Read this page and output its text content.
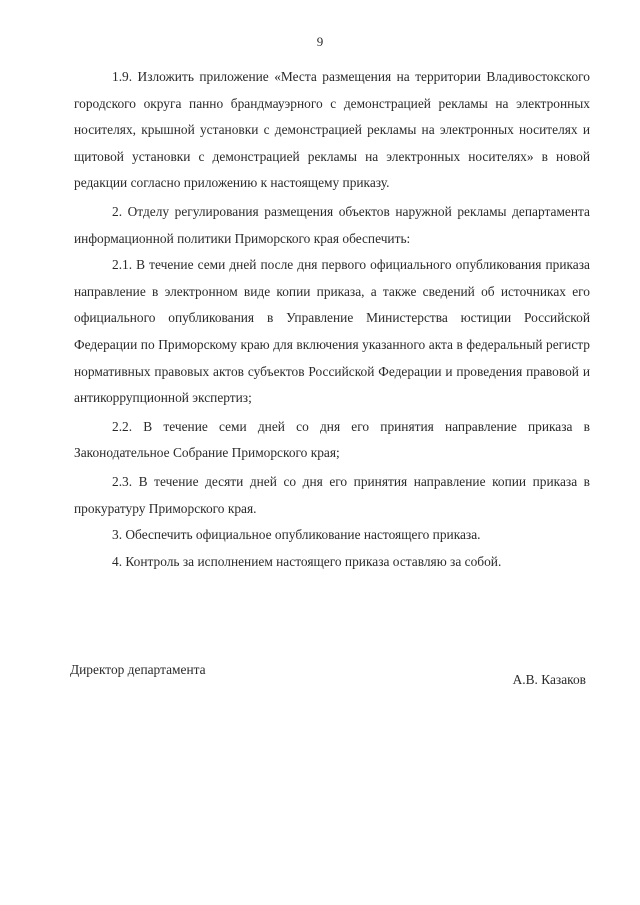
9

1.9. Изложить приложение «Места размещения на территории Владивостокского городского округа панно брандмауэрного с демонстрацией рекламы на электронных носителях, крышной установки с демонстрацией рекламы на электронных носителях и щитовой установки с демонстрацией рекламы на электронных носителях» в новой редакции согласно приложению к настоящему приказу.

2. Отделу регулирования размещения объектов наружной рекламы департамента информационной политики Приморского края обеспечить:

2.1. В течение семи дней после дня первого официального опубликования приказа направление в электронном виде копии приказа, а также сведений об источниках его официального опубликования в Управление Министерства юстиции Российской Федерации по Приморскому краю для включения указанного акта в федеральный регистр нормативных правовых актов субъектов Российской Федерации и проведения правовой и антикоррупционной экспертиз;

2.2. В течение семи дней со дня его принятия направление приказа в Законодательное Собрание Приморского края;

2.3. В течение десяти дней со дня его принятия направление копии приказа в прокуратуру Приморского края.

3. Обеспечить официальное опубликование настоящего приказа.

4. Контроль за исполнением настоящего приказа оставляю за собой.

Директор департамента
А.В. Казаков
